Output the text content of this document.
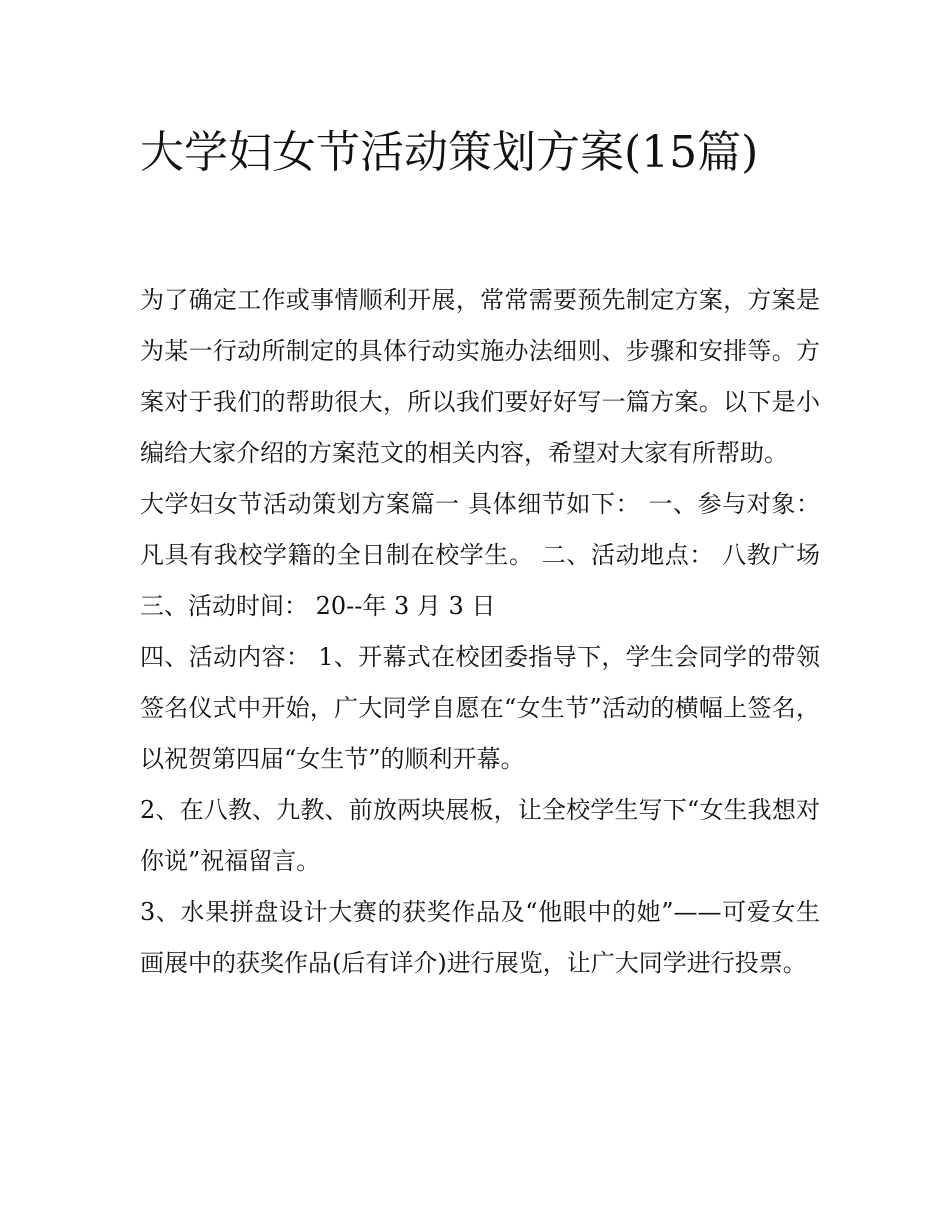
大学妇女节活动策划方案(15篇)

为了确定工作或事情顺利开展，常常需要预先制定方案，方案是为某一行动所制定的具体行动实施办法细则、步骤和安排等。方案对于我们的帮助很大，所以我们要好好写一篇方案。以下是小编给大家介绍的方案范文的相关内容，希望对大家有所帮助。

大学妇女节活动策划方案篇一 具体细节如下： 一、参与对象： 凡具有我校学籍的全日制在校学生。 二、活动地点： 八教广场 三、活动时间： 20--年 3 月 3 日

四、活动内容： 1、开幕式在校团委指导下，学生会同学的带领签名仪式中开始，广大同学自愿在“女生节”活动的横幅上签名，以祝贺第四届“女生节”的顺利开幕。

2、在八教、九教、前放两块展板，让全校学生写下“女生我想对你说”祝福留言。

3、水果拼盘设计大赛的获奖作品及“他眼中的她”——可爱女生画展中的获奖作品(后有详介)进行展览，让广大同学进行投票。
